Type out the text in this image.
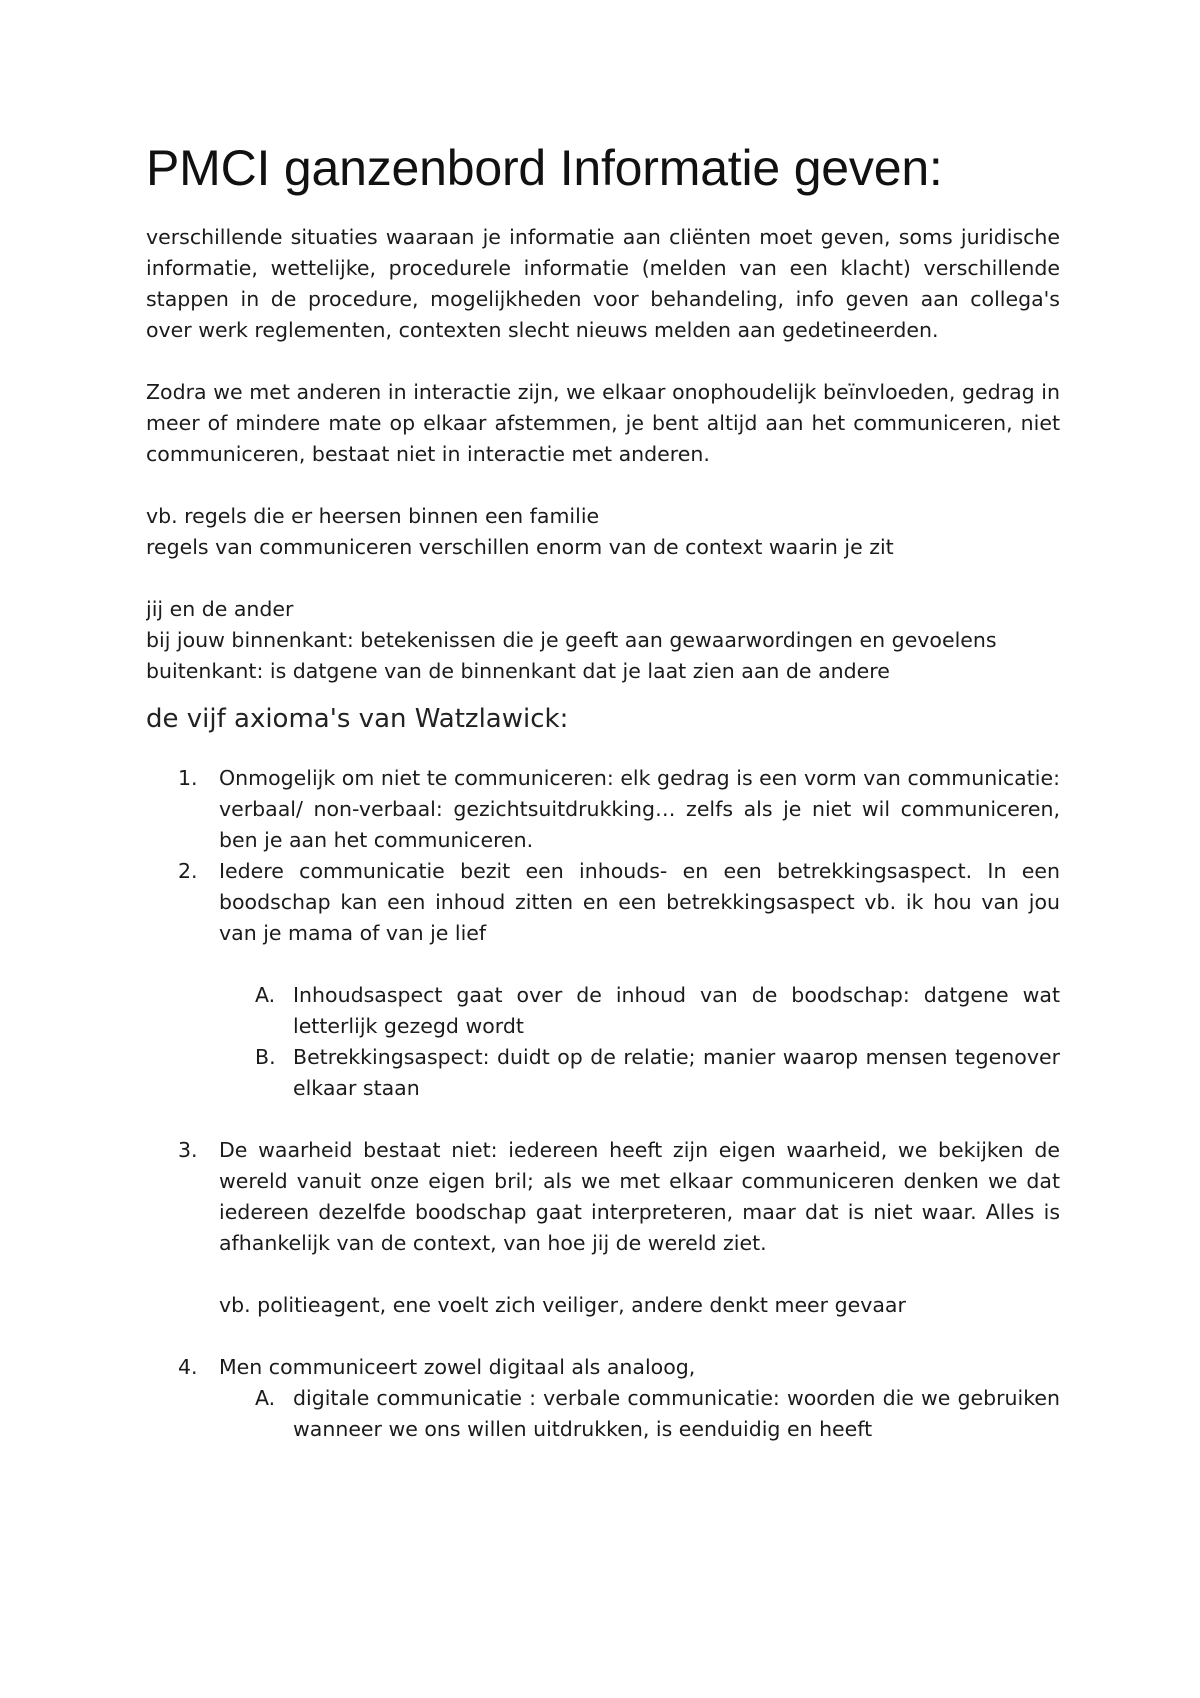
PMCI ganzenbord Informatie geven:

verschillende situaties waaraan je informatie aan cliënten moet geven, soms juridische informatie, wettelijke, procedurele informatie (melden van een klacht) verschillende stappen in de procedure, mogelijkheden voor behandeling, info geven aan collega's over werk reglementen, contexten slecht nieuws melden aan gedetineerden.

Zodra we met anderen in interactie zijn, we elkaar onophoudelijk beïnvloeden, gedrag in meer of mindere mate op elkaar afstemmen, je bent altijd aan het communiceren, niet communiceren, bestaat niet in interactie met anderen.

vb. regels die er heersen binnen een familie
regels van communiceren verschillen enorm van de context waarin je zit
jij en de ander

bij jouw binnenkant: betekenissen die je geeft aan gewaarwordingen en gevoelens

buitenkant: is datgene van de binnenkant dat je laat zien aan de andere
de vijf axioma's van Watzlawick:
1. Onmogelijk om niet te communiceren: elk gedrag is een vorm van communicatie: verbaal/ non-verbaal: gezichtsuitdrukking… zelfs als je niet wil communiceren, ben je aan het communiceren.
2. Iedere communicatie bezit een inhouds- en een betrekkingsaspect. In een boodschap kan een inhoud zitten en een betrekkingsaspect vb. ik hou van jou van je mama of van je lief
A. Inhoudsaspect gaat over de inhoud van de boodschap: datgene wat letterlijk gezegd wordt
B. Betrekkingsaspect: duidt op de relatie; manier waarop mensen tegenover elkaar staan
3. De waarheid bestaat niet: iedereen heeft zijn eigen waarheid, we bekijken de wereld vanuit onze eigen bril; als we met elkaar communiceren denken we dat iedereen dezelfde boodschap gaat interpreteren, maar dat is niet waar. Alles is afhankelijk van de context, van hoe jij de wereld ziet.
vb. politieagent, ene voelt zich veiliger, andere denkt meer gevaar
4. Men communiceert zowel digitaal als analoog,
A. digitale communicatie : verbale communicatie: woorden die we gebruiken wanneer we ons willen uitdrukken, is eenduidig en heeft
